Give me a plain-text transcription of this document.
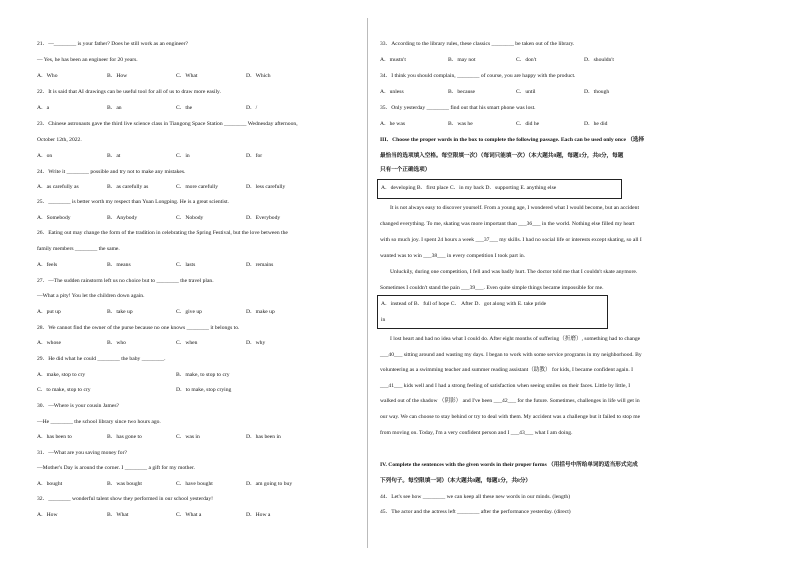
21．—________ is your father? Does he still work as an engineer?
— Yes, he has been an engineer for 20 years.
A．Who	B．How	C．What	D．Which
22．It is said that AI drawings can be useful tool for all of us to draw more easily.
A．a	B．an	C．the	D．/
23．Chinese astronauts gave the third live science class in Tiangong Space Station ________ Wednesday afternoon,
October 12th, 2022.
A．on	B．at	C．in	D．for
24．Write it ________ possible and try not to make any mistakes.
A．as carefully as	B．as carefully as	C．more carefully	D．less carefully
25．________ is better worth my respect than Yuan Longping. He is a great scientist.
A．Somebody	B．Anybody	C．Nobody	D．Everybody
26．Eating out may change the form of the tradition in celebrating the Spring Festival, but the love between the
family members ________ the same.
A．feels	B．means	C．lasts	D．remains
27．—The sudden rainstorm left us no choice but to ________ the travel plan.
—What a pity! You let the children down again.
A．put up	B．take up	C．give up	D．make up
28．We cannot find the owner of the purse because no one knows ________ it belongs to.
A．whose	B．who	C．when	D．why
29．He did what he could ________ the baby ________.
A．make, stop to cry	B．make, to stop to cry
C．to make, stop to cry	D．to make, stop crying
30．—Where is your cousin James?
—He ________ the school library since two hours ago.
A．has been to	B．has gone to	C．was in	D．has been in
31．—What are you saving money for?
—Mother's Day is around the corner. I ________ a gift for my mother.
A．bought	B．was bought	C．have bought	D．am going to buy
32．________ wonderful talent show they performed in our school yesterday!
A．How	B．What	C．What a	D．How a
33．According to the library rules, these classics ________ be taken out of the library.
A．mustn't	B．may not	C．don't	D．shouldn't
34．I think you should complain, ________ of course, you are happy with the product.
A．unless	B．because	C．until	D．though
35．Only yesterday ________ find out that his smart phone was lost.
A．he was	B．was he	C．did he	D．he did
III．Choose the proper words in the box to complete the following passage. Each can be used only once （选择
最恰当的选项填入空格。每空限填一次）（每词只能填一次）（本大题共8题，每题1分，共8分，每题
只有一个正确选项）
A．developing B．first place C．in my back D．supporting E. anything else
It is not always easy to discover yourself. From a young age, I wondered what I would become, but an accident
changed everything. To me, skating was more important than ___36___ in the world. Nothing else filled my heart
with so much joy. I spent 24 hours a week ___37___ my skills. I had no social life or interests except skating, so all I
wanted was to win ___38___ in every competition I took part in.
Unluckily, during one competition, I fell and was badly hurt. The doctor told me that I couldn't skate anymore.
Sometimes I couldn't stand the pain ___39___. Even quite simple things became impossible for me.
A．instead of B．full of hope C． After D．got along with E. take pride
in
I lost heart and had no idea what I could do. After eight months of suffering（折磨）, something had to change
___40___ sitting around and wasting my days. I began to work with some service programs in my neighborhood. By
volunteering as a swimming teacher and summer reading assistant（助教） for kids, I became confident again. I
___41___ kids well and I had a strong feeling of satisfaction when seeing smiles on their faces. Little by little, I
walked out of the shadow （阴影） and I've been ___42___ for the future. Sometimes, challenges in life will get in
our way. We can choose to stay behind or try to deal with them. My accident was a challenge but it failed to stop me
from moving on. Today, I'm a very confident person and I ___43___ what I am doing.
IV. Complete the sentences with the given words in their proper forms （用括号中所给单词的适当形式完成
下列句子。每空限填一词）（本大题共8题，每题1分，共8分）
44．Let's see how ________ we can keep all these new words in our minds. (length)
45．The actor and the actress left ________ after the performance yesterday. (direct)
